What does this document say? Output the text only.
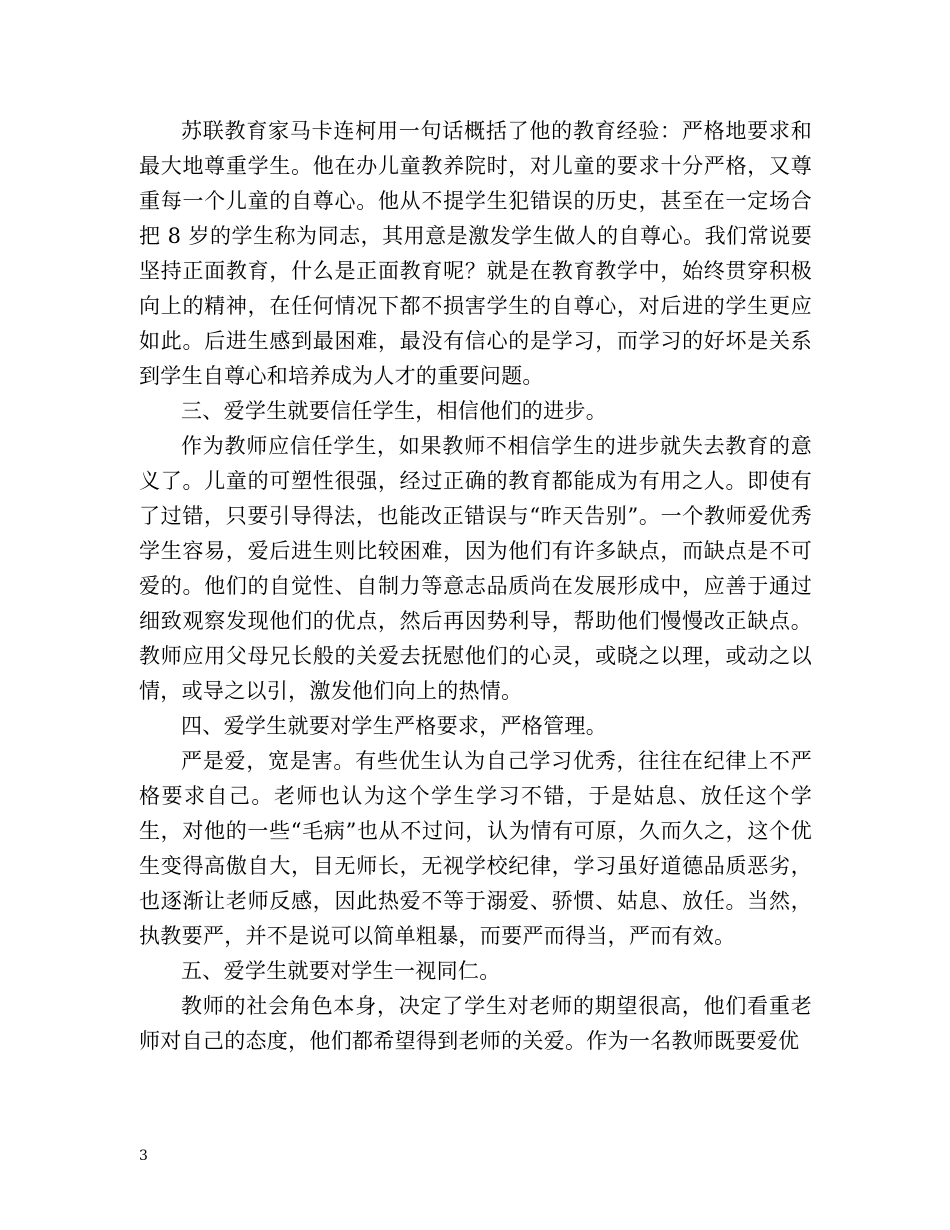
苏联教育家马卡连柯用一句话概括了他的教育经验：严格地要求和最大地尊重学生。他在办儿童教养院时，对儿童的要求十分严格，又尊重每一个儿童的自尊心。他从不提学生犯错误的历史，甚至在一定场合把 8 岁的学生称为同志，其用意是激发学生做人的自尊心。我们常说要坚持正面教育，什么是正面教育呢？就是在教育教学中，始终贯穿积极向上的精神，在任何情况下都不损害学生的自尊心，对后进的学生更应如此。后进生感到最困难，最没有信心的是学习，而学习的好坏是关系到学生自尊心和培养成为人才的重要问题。

三、爱学生就要信任学生，相信他们的进步。

作为教师应信任学生，如果教师不相信学生的进步就失去教育的意义了。儿童的可塑性很强，经过正确的教育都能成为有用之人。即使有了过错，只要引导得法，也能改正错误与“昨天告别”。一个教师爱优秀学生容易，爱后进生则比较困难，因为他们有许多缺点，而缺点是不可爱的。他们的自觉性、自制力等意志品质尚在发展形成中，应善于通过细致观察发现他们的优点，然后再因势利导，帮助他们慢慢改正缺点。教师应用父母兄长般的关爱去抚慰他们的心灵，或晓之以理，或动之以情，或导之以引，激发他们向上的热情。

四、爱学生就要对学生严格要求，严格管理。

严是爱，宽是害。有些优生认为自己学习优秀，往往在纪律上不严格要求自己。老师也认为这个学生学习不错，于是姑息、放任这个学生，对他的一些“毛病”也从不过问，认为情有可原，久而久之，这个优生变得高傲自大，目无师长，无视学校纪律，学习虽好道德品质恶劣，也逐渐让老师反感，因此热爱不等于溺爱、骄惯、姑息、放任。当然，执教要严，并不是说可以简单粗暴，而要严而得当，严而有效。

五、爱学生就要对学生一视同仁。

教师的社会角色本身，决定了学生对老师的期望很高，他们看重老师对自己的态度，他们都希望得到老师的关爱。作为一名教师既要爱优

3
